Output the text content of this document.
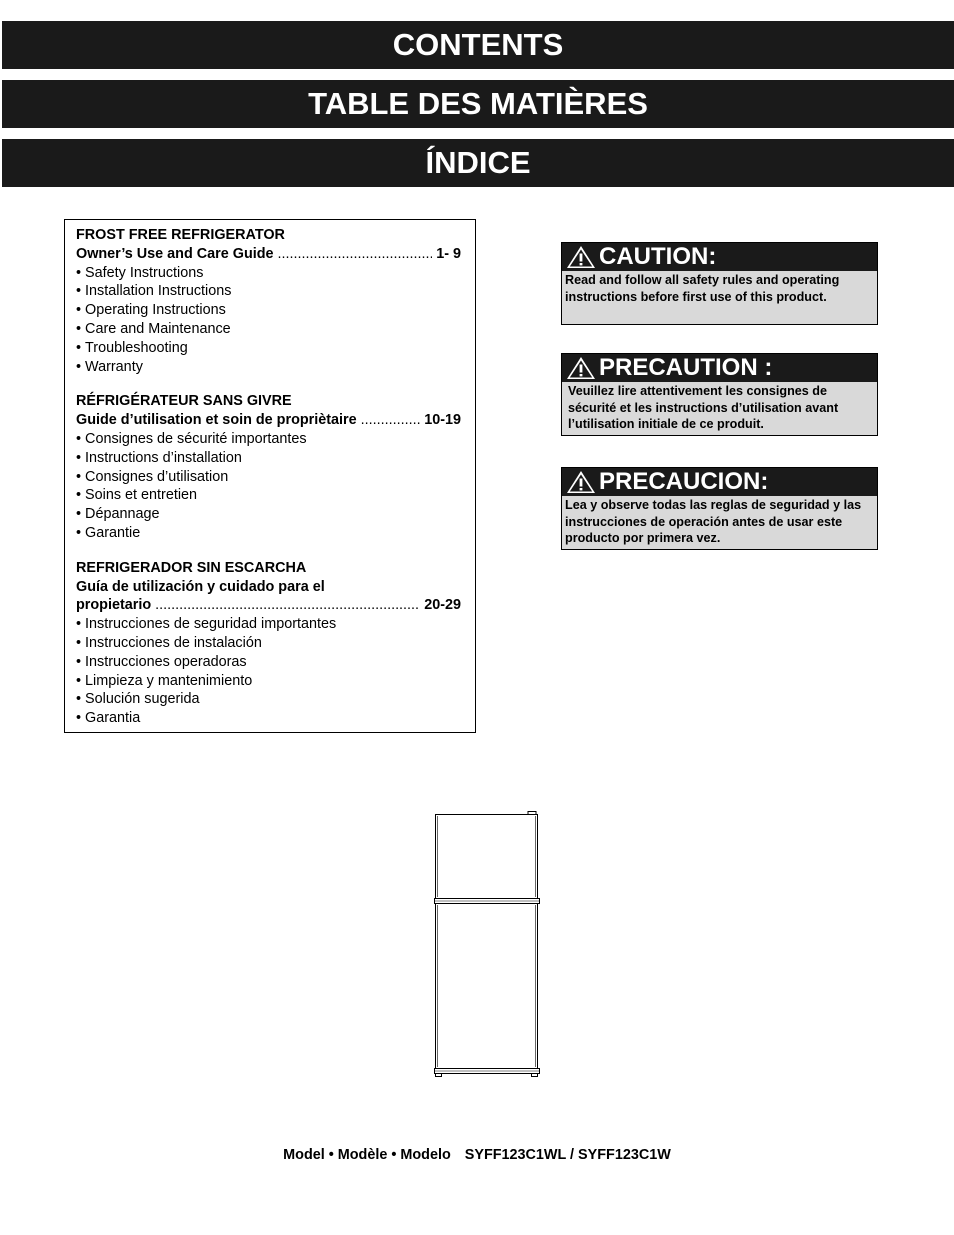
CONTENTS
TABLE DES MATIÈRES
ÍNDICE
FROST FREE REFRIGERATOR
Owner’s Use and Care Guide .....	1- 9
• Safety Instructions
• Installation Instructions
• Operating Instructions
• Care and Maintenance
• Troubleshooting
• Warranty
RÉFRIGÉRATEUR SANS GIVRE
Guide d’utilisation et soin de propriètaire .....	10-19
• Consignes de sécurité importantes
• Instructions d’installation
• Consignes d’utilisation
• Soins et entretien
• Dépannage
• Garantie
REFRIGERADOR SIN ESCARCHA
Guía de utilización y cuidado para el
propietario .....	20-29
• Instrucciones de seguridad importantes
• Instrucciones de instalación
• Instrucciones operadoras
• Limpieza y mantenimiento
• Solución sugerida
• Garantia
CAUTION:
Read and follow all safety rules and operating instructions before first use of this product.
PRECAUTION :
Veuillez lire attentivement les consignes de sécurité et les instructions d’utilisation avant l’utilisation initiale de ce produit.
PRECAUCION:
Lea y observe todas las reglas de seguridad y las instrucciones de operación antes de usar este producto por primera vez.
Model • Modèle • Modelo SYFF123C1WL / SYFF123C1W
